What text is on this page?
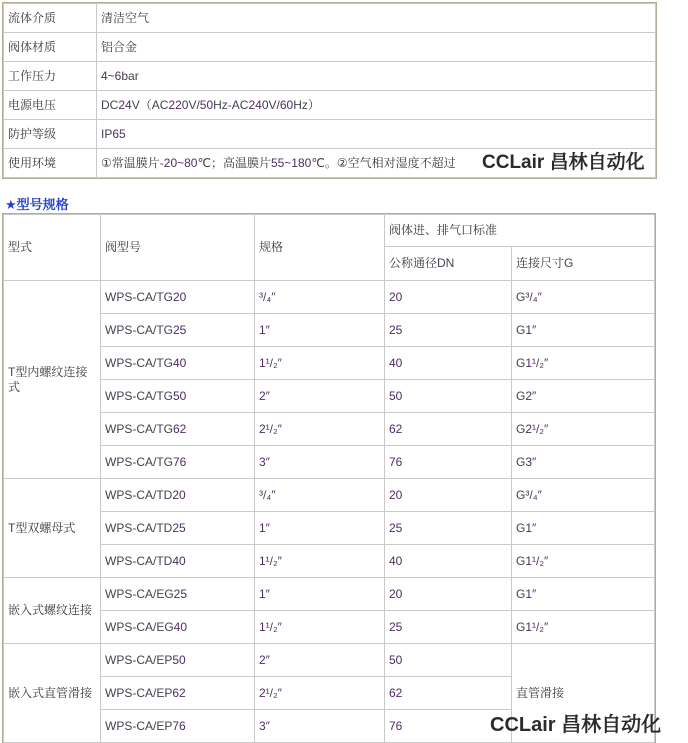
流体介质	清洁空气
阀体材质	铝合金
工作压力	4~6bar
电源电压	DC24V（AC220V/50Hz-AC240V/60Hz）
防护等级	IP65
使用环境	①常温膜片-20~80℃；高温膜片55~180℃。②空气相对湿度不超过
★型号规格
型式	阀型号	规格	阀体进、排气口标准	
			公称通径DN	连接尺寸G
T型内螺纹连接式	WPS-CA/TG20	³/₄″	20	G³/₄″
	WPS-CA/TG25	1″	25	G1″
	WPS-CA/TG40	1¹/₂″	40	G1¹/₂″
	WPS-CA/TG50	2″	50	G2″
	WPS-CA/TG62	2¹/₂″	62	G2¹/₂″
	WPS-CA/TG76	3″	76	G3″
T型双螺母式	WPS-CA/TD20	³/₄″	20	G³/₄″
	WPS-CA/TD25	1″	25	G1″
	WPS-CA/TD40	1¹/₂″	40	G1¹/₂″
嵌入式螺纹连接	WPS-CA/EG25	1″	20	G1″
	WPS-CA/EG40	1¹/₂″	25	G1¹/₂″
嵌入式直管滑接	WPS-CA/EP50	2″	50	直管滑接
	WPS-CA/EP62	2¹/₂″	62	
	WPS-CA/EP76	3″	76	
CCLair 昌林自动化
CCLair 昌林自动化
